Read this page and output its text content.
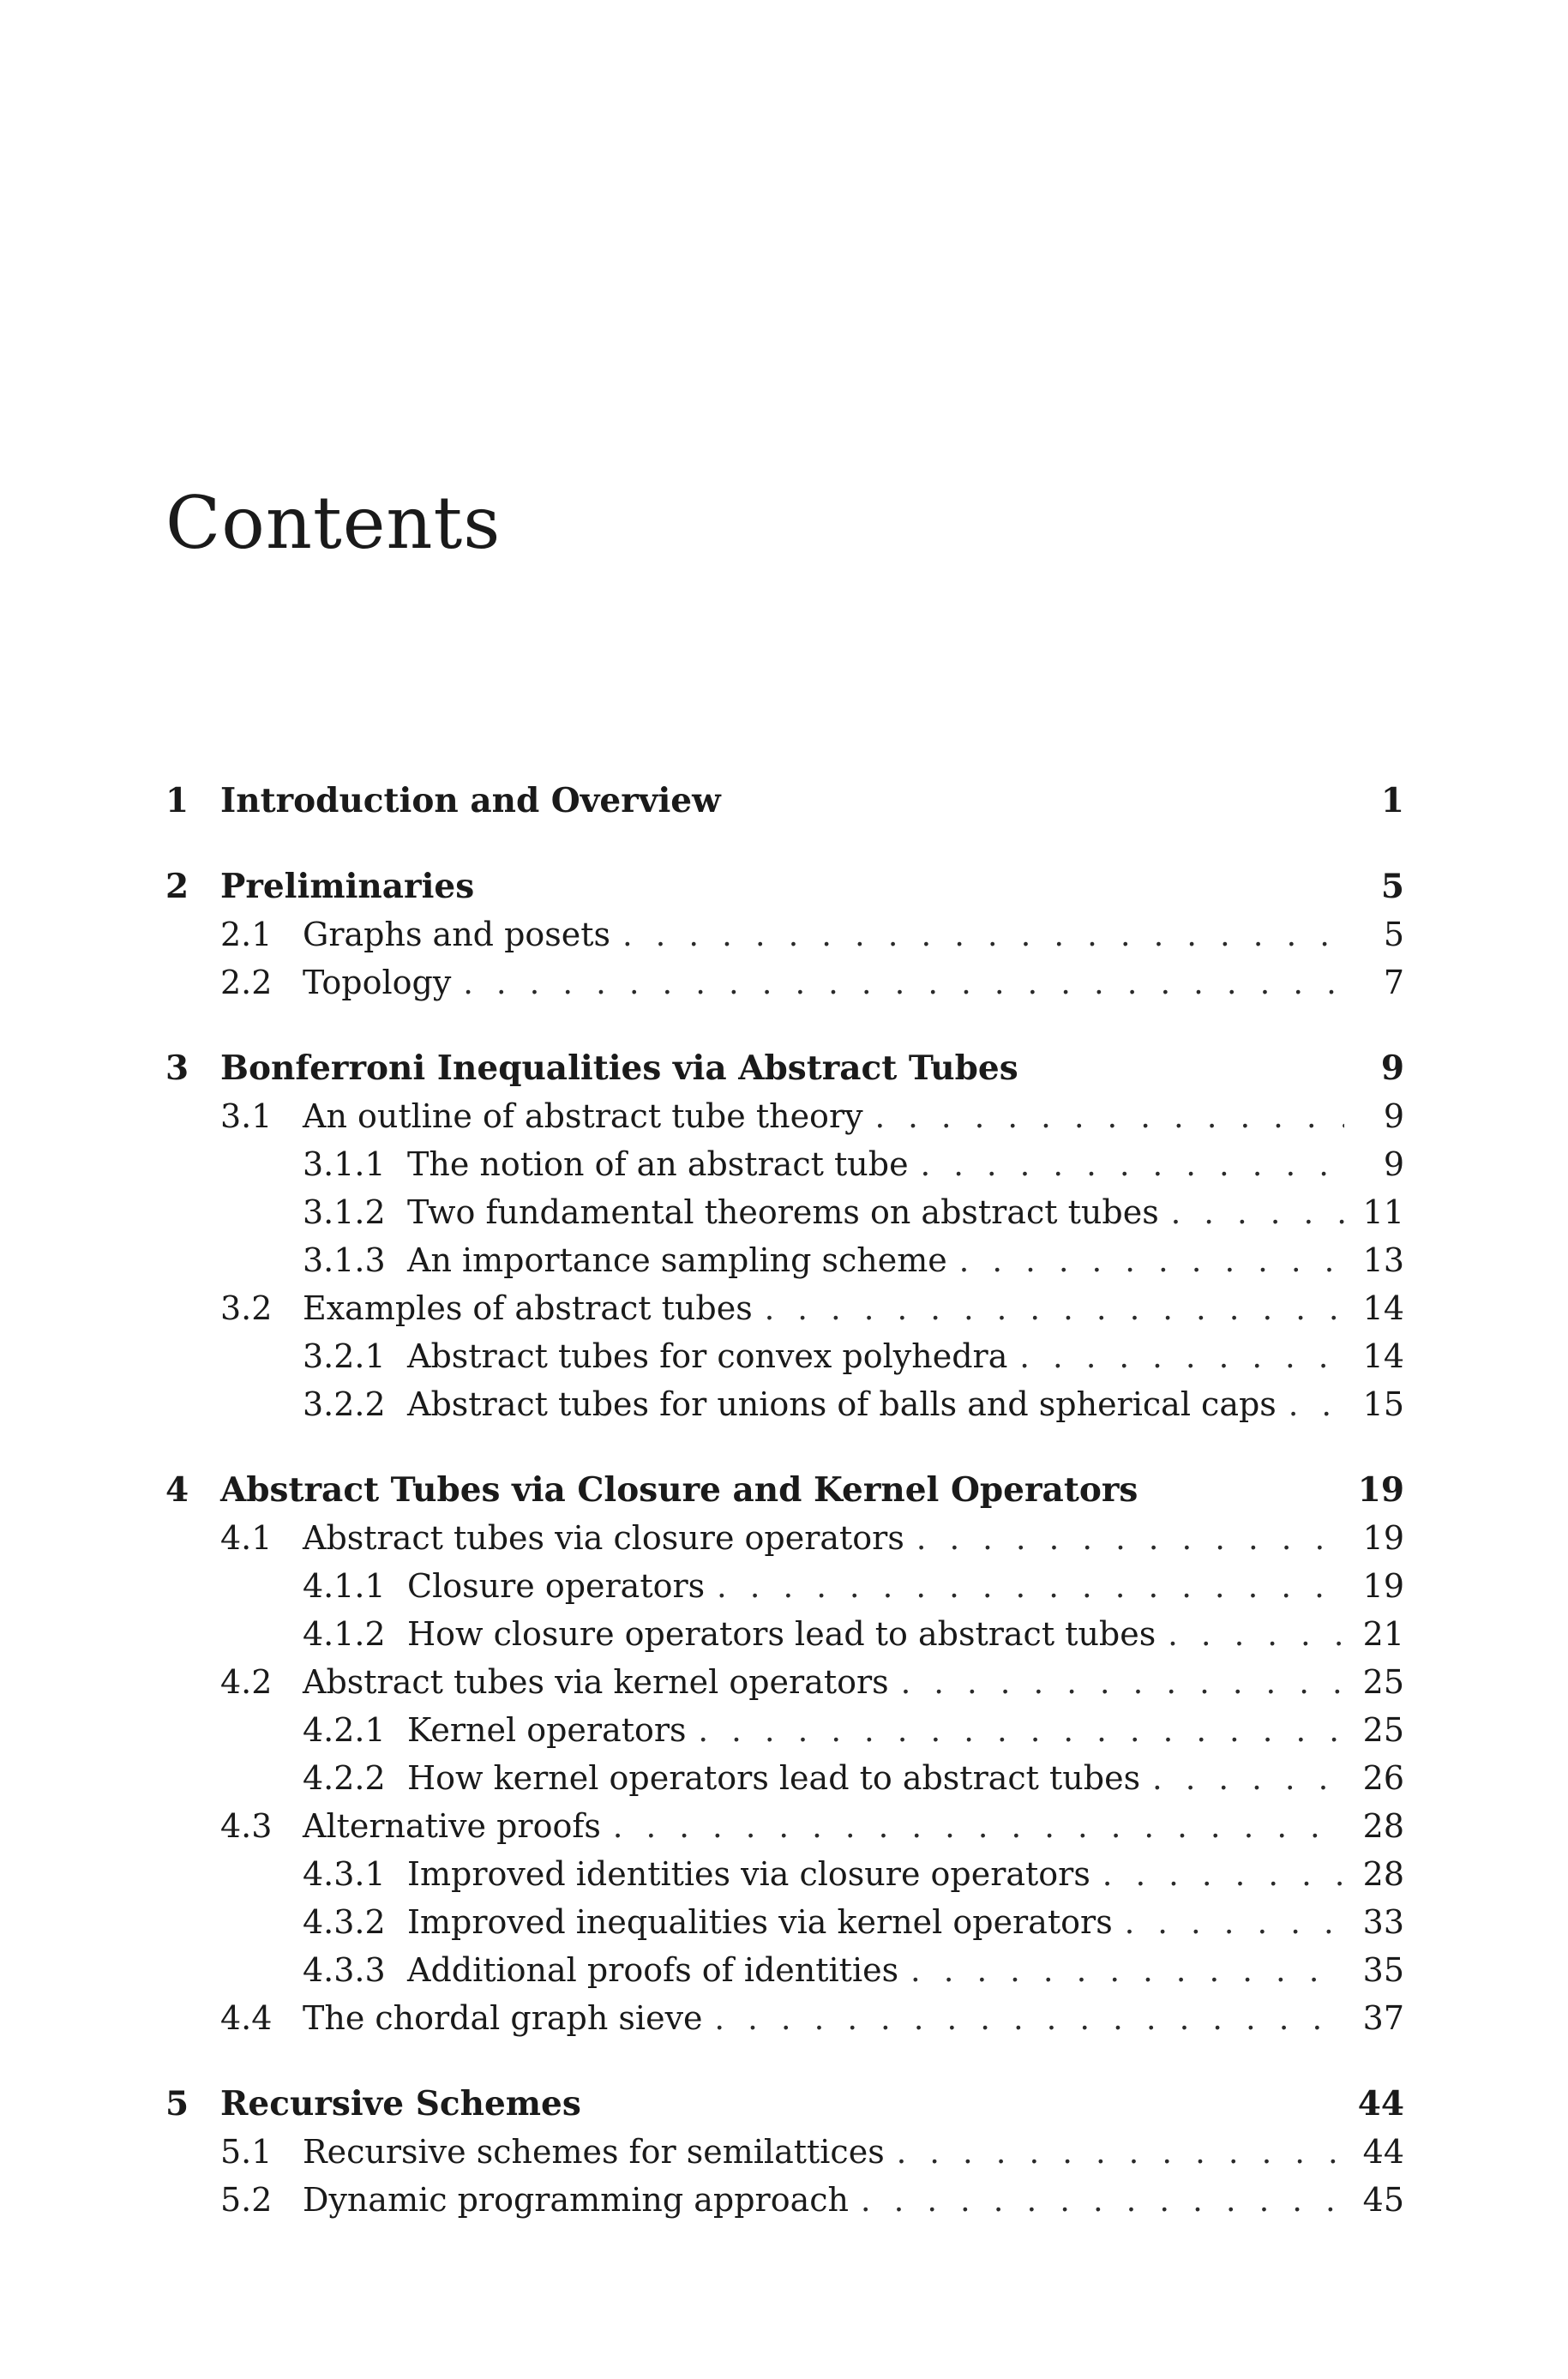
Contents
1 Introduction and Overview	1
2 Preliminaries	5
2.1 Graphs and posets . . .	5
2.2 Topology . . .	7
3 Bonferroni Inequalities via Abstract Tubes	9
3.1 An outline of abstract tube theory . . .	9
3.1.1 The notion of an abstract tube . . .	9
3.1.2 Two fundamental theorems on abstract tubes . . .	11
3.1.3 An importance sampling scheme . . .	13
3.2 Examples of abstract tubes . . .	14
3.2.1 Abstract tubes for convex polyhedra . . .	14
3.2.2 Abstract tubes for unions of balls and spherical caps . . .	15
4 Abstract Tubes via Closure and Kernel Operators	19
4.1 Abstract tubes via closure operators . . .	19
4.1.1 Closure operators . . .	19
4.1.2 How closure operators lead to abstract tubes . . .	21
4.2 Abstract tubes via kernel operators . . .	25
4.2.1 Kernel operators . . .	25
4.2.2 How kernel operators lead to abstract tubes . . .	26
4.3 Alternative proofs . . .	28
4.3.1 Improved identities via closure operators . . .	28
4.3.2 Improved inequalities via kernel operators . . .	33
4.3.3 Additional proofs of identities . . .	35
4.4 The chordal graph sieve . . .	37
5 Recursive Schemes	44
5.1 Recursive schemes for semilattices . . .	44
5.2 Dynamic programming approach . . .	45
